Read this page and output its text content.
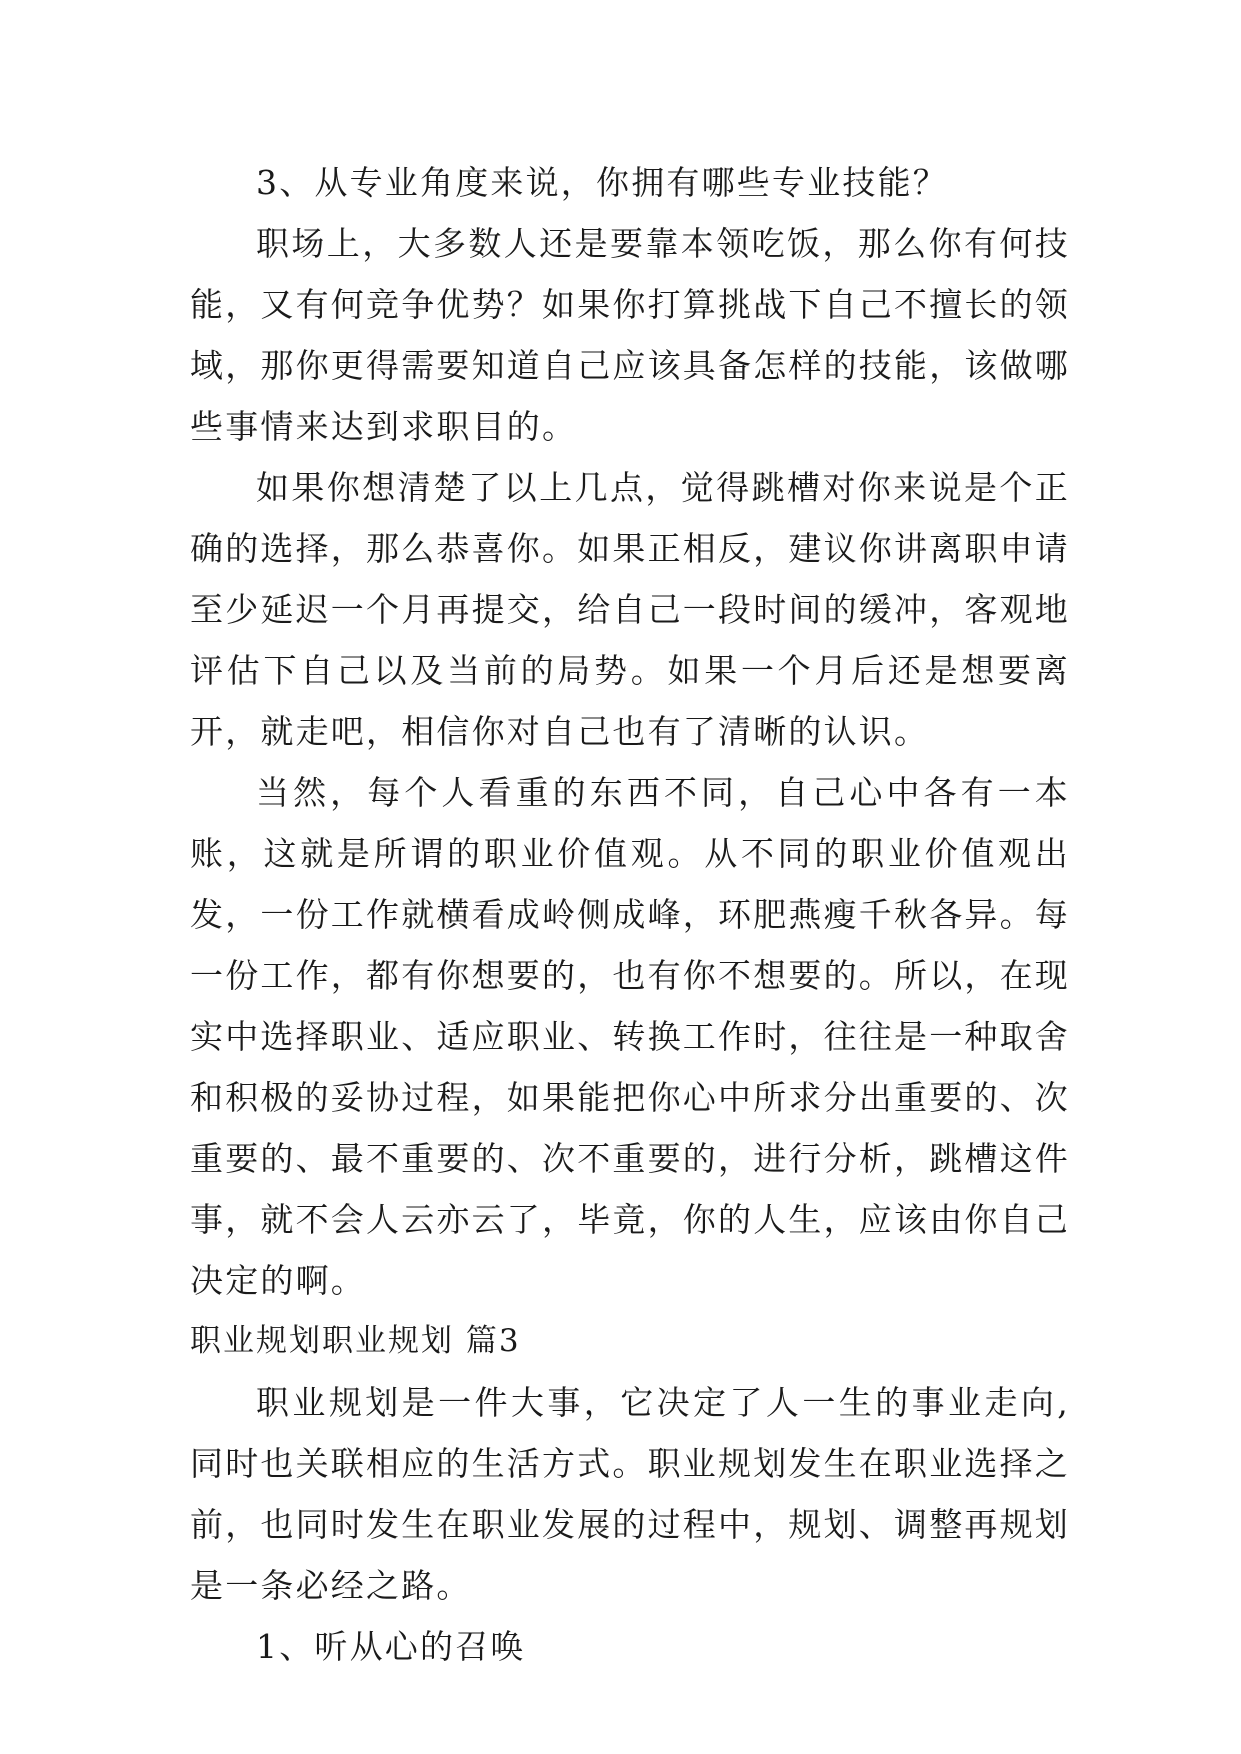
3、从专业角度来说，你拥有哪些专业技能？

职场上，大多数人还是要靠本领吃饭，那么你有何技能，又有何竞争优势？如果你打算挑战下自己不擅长的领域，那你更得需要知道自己应该具备怎样的技能，该做哪些事情来达到求职目的。

如果你想清楚了以上几点，觉得跳槽对你来说是个正确的选择，那么恭喜你。如果正相反，建议你讲离职申请至少延迟一个月再提交，给自己一段时间的缓冲，客观地评估下自己以及当前的局势。如果一个月后还是想要离开，就走吧，相信你对自己也有了清晰的认识。

当然，每个人看重的东西不同，自己心中各有一本账，这就是所谓的职业价值观。从不同的职业价值观出发，一份工作就横看成岭侧成峰，环肥燕瘦千秋各异。每一份工作，都有你想要的，也有你不想要的。所以，在现实中选择职业、适应职业、转换工作时，往往是一种取舍和积极的妥协过程，如果能把你心中所求分出重要的、次重要的、最不重要的、次不重要的，进行分析，跳槽这件事，就不会人云亦云了，毕竟，你的人生，应该由你自己决定的啊。

职业规划职业规划 篇3

职业规划是一件大事，它决定了人一生的事业走向,同时也关联相应的生活方式。职业规划发生在职业选择之前，也同时发生在职业发展的过程中，规划、调整再规划是一条必经之路。

1、听从心的召唤
